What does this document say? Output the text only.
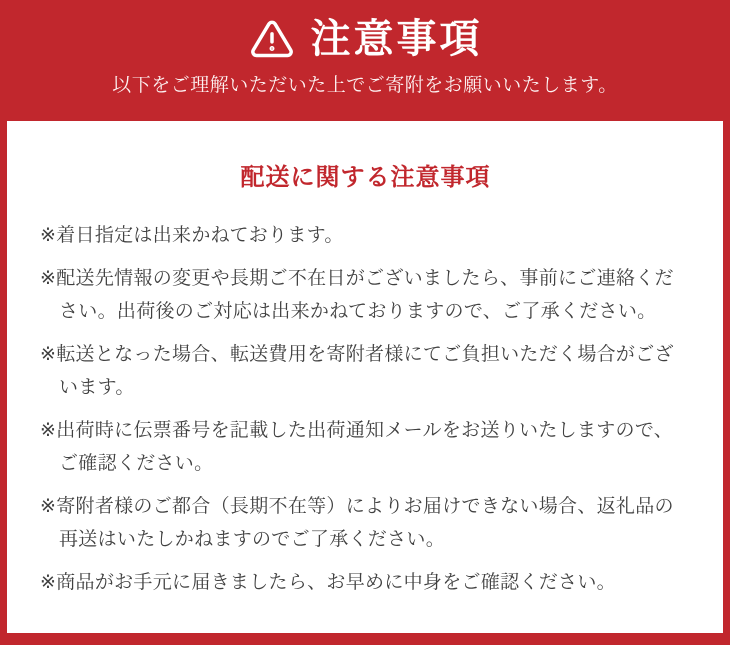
注意事項
以下をご理解いただいた上でご寄附をお願いいたします。
配送に関する注意事項
※着日指定は出来かねております。
※配送先情報の変更や長期ご不在日がございましたら、事前にご連絡ください。出荷後のご対応は出来かねておりますので、ご了承ください。
※転送となった場合、転送費用を寄附者様にてご負担いただく場合がございます。
※出荷時に伝票番号を記載した出荷通知メールをお送りいたしますので、ご確認ください。
※寄附者様のご都合（長期不在等）によりお届けできない場合、返礼品の再送はいたしかねますのでご了承ください。
※商品がお手元に届きましたら、お早めに中身をご確認ください。
